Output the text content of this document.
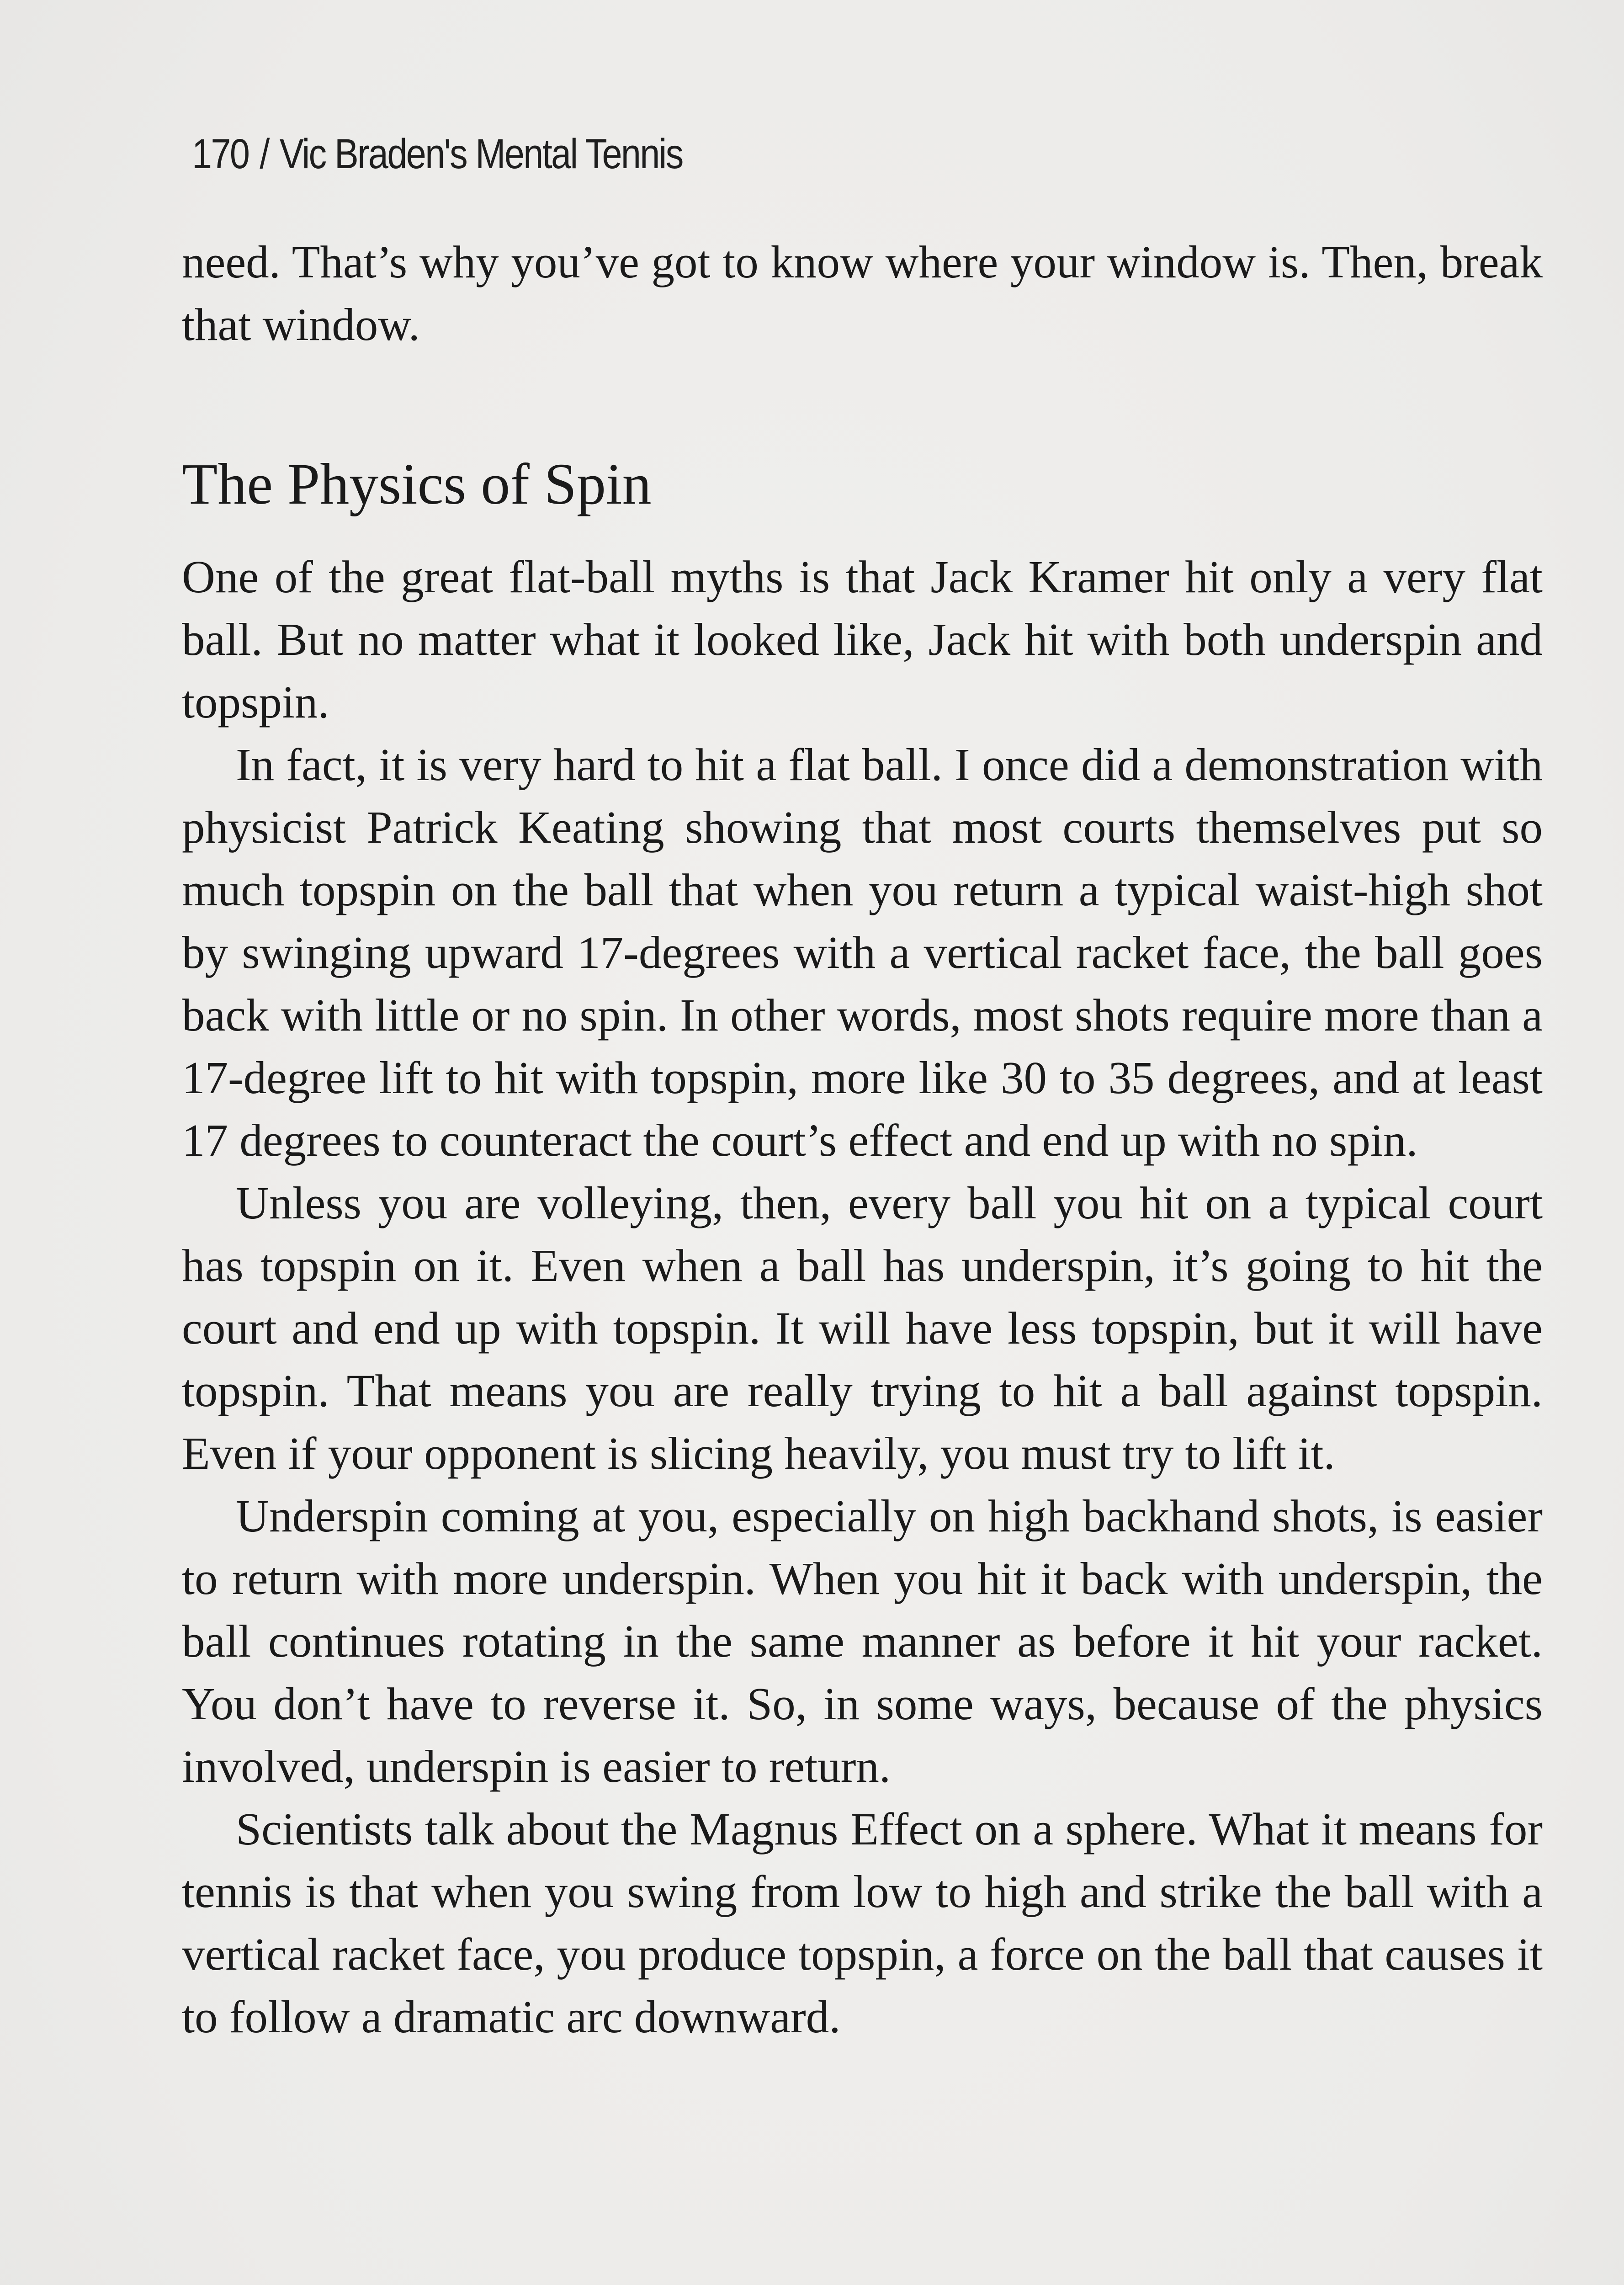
170 / Vic Braden's Mental Tennis

need. That’s why you’ve got to know where your window is. Then, break that window.

The Physics of Spin

One of the great flat-ball myths is that Jack Kramer hit only a very flat ball. But no matter what it looked like, Jack hit with both underspin and topspin.

In fact, it is very hard to hit a flat ball. I once did a demonstration with physicist Patrick Keating showing that most courts themselves put so much topspin on the ball that when you return a typical waist-high shot by swinging upward 17-degrees with a vertical racket face, the ball goes back with little or no spin. In other words, most shots require more than a 17-degree lift to hit with topspin, more like 30 to 35 degrees, and at least 17 degrees to counteract the court’s effect and end up with no spin.

Unless you are volleying, then, every ball you hit on a typical court has topspin on it. Even when a ball has underspin, it’s going to hit the court and end up with topspin. It will have less topspin, but it will have topspin. That means you are really trying to hit a ball against topspin. Even if your opponent is slicing heavily, you must try to lift it.

Underspin coming at you, especially on high backhand shots, is easier to return with more underspin. When you hit it back with underspin, the ball continues rotating in the same manner as before it hit your racket. You don’t have to reverse it. So, in some ways, because of the physics involved, underspin is easier to return.

Scientists talk about the Magnus Effect on a sphere. What it means for tennis is that when you swing from low to high and strike the ball with a vertical racket face, you produce topspin, a force on the ball that causes it to follow a dramatic arc downward.
